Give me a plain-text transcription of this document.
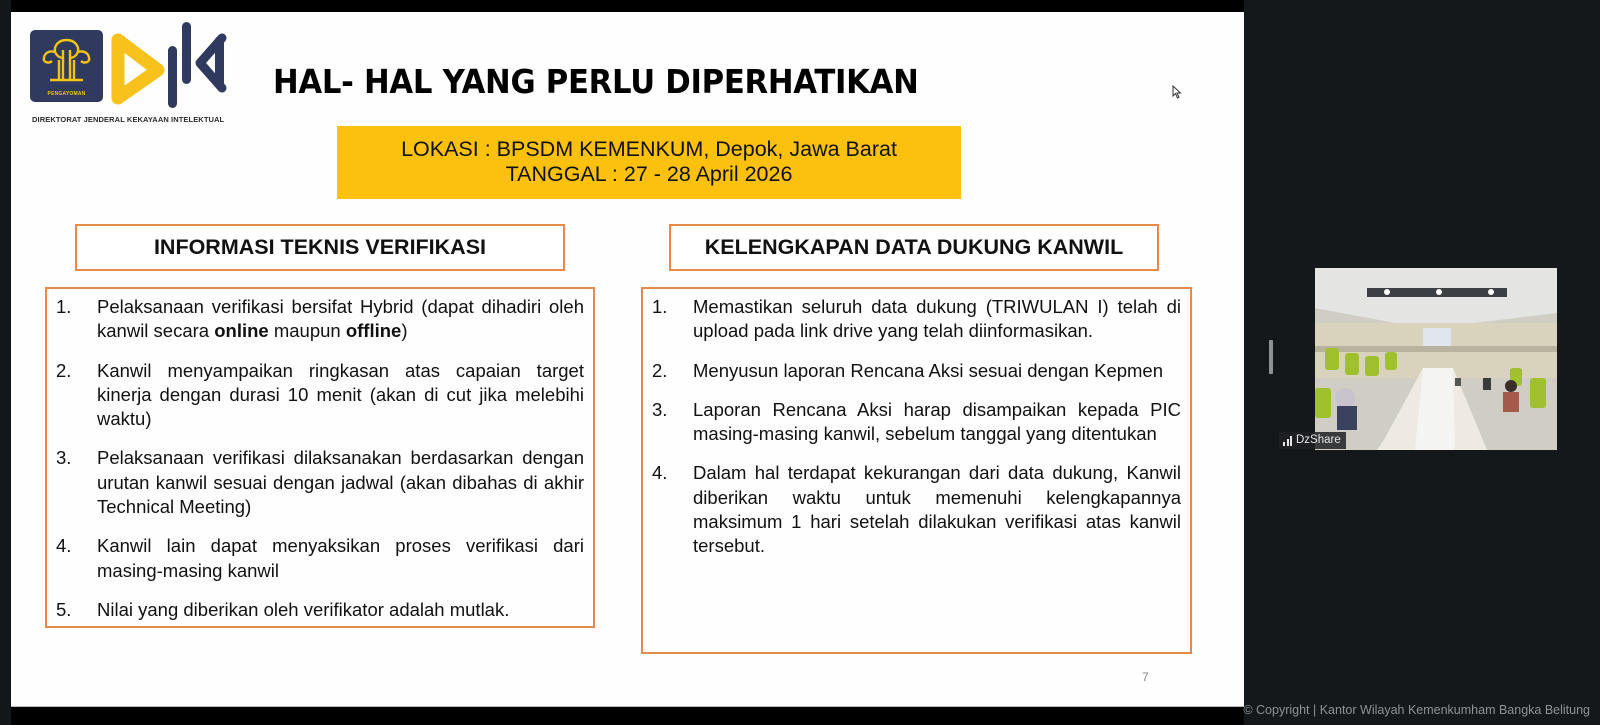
PENGAYOMAN
DIREKTORAT JENDERAL KEKAYAAN INTELEKTUAL
HAL- HAL YANG PERLU DIPERHATIKAN
LOKASI : BPSDM KEMENKUM, Depok, Jawa Barat
TANGGAL : 27 - 28 April 2026
INFORMASI TEKNIS VERIFIKASI
1. Pelaksanaan verifikasi bersifat Hybrid (dapat dihadiri oleh kanwil secara online maupun offline)
2. Kanwil menyampaikan ringkasan atas capaian target kinerja dengan durasi 10 menit (akan di cut jika melebihi waktu)
3. Pelaksanaan verifikasi dilaksanakan berdasarkan dengan urutan kanwil sesuai dengan jadwal (akan dibahas di akhir Technical Meeting)
4. Kanwil lain dapat menyaksikan proses verifikasi dari masing-masing kanwil
5. Nilai yang diberikan oleh verifikator adalah mutlak.
KELENGKAPAN DATA DUKUNG KANWIL
1. Memastikan seluruh data dukung (TRIWULAN I) telah di upload pada link drive yang telah diinformasikan.
2. Menyusun laporan Rencana Aksi sesuai dengan Kepmen
3. Laporan Rencana Aksi harap disampaikan kepada PIC masing-masing kanwil, sebelum tanggal yang ditentukan
4. Dalam hal terdapat kekurangan dari data dukung, Kanwil diberikan waktu untuk memenuhi kelengkapannya maksimum 1 hari setelah dilakukan verifikasi atas kanwil tersebut.
7
DzShare
© Copyright | Kantor Wilayah Kemenkumham Bangka Belitung
